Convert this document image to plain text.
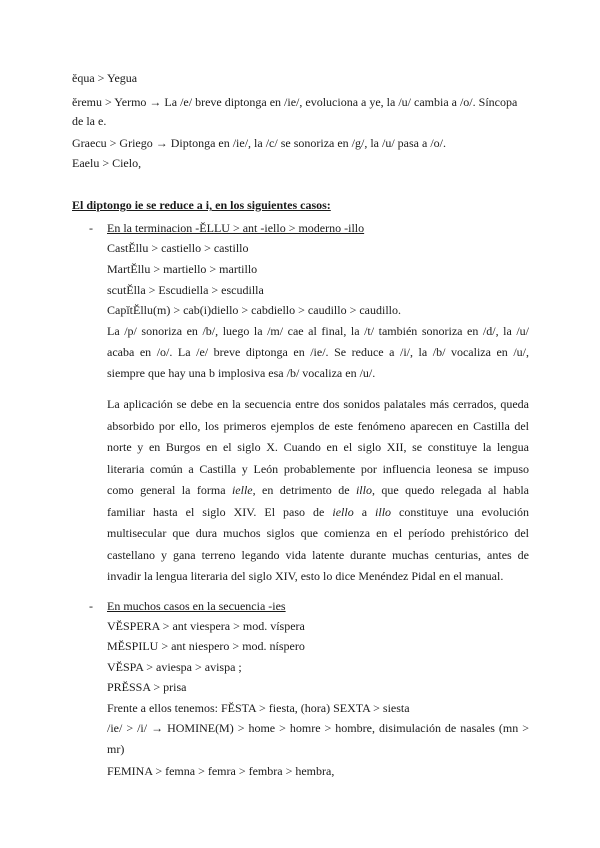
ĕqua > Yegua
ĕremu > Yermo → La /e/ breve diptonga en /ie/, evoluciona a ye, la /u/ cambia a /o/. Síncopa
de la e.
Graecu > Griego → Diptonga en /ie/, la /c/ se sonoriza en /g/, la /u/ pasa a /o/.
Eaelu > Cielo,
El diptongo ie se reduce a i, en los siguientes casos:
- En la terminacion -ĔLLU > ant -iello > moderno -illo
CastĔllu > castiello > castillo
MartĔllu > martiello > martillo
scutĔlla > Escudiella > escudilla
CapĭtĔllu(m) > cab(i)diello > cabdiello > caudillo > caudillo.
La /p/ sonoriza en /b/, luego la /m/ cae al final, la /t/ también sonoriza en /d/, la /u/
acaba en /o/. La /e/ breve diptonga en /ie/. Se reduce a /i/, la /b/ vocaliza en /u/,
siempre que hay una b implosiva esa /b/ vocaliza en /u/.
La aplicación se debe en la secuencia entre dos sonidos palatales más cerrados, queda
absorbido por ello, los primeros ejemplos de este fenómeno aparecen en Castilla del
norte y en Burgos en el siglo X. Cuando en el siglo XII, se constituye la lengua
literaria común a Castilla y León probablemente por influencia leonesa se impuso
como general la forma ielle, en detrimento de illo, que quedo relegada al habla
familiar hasta el siglo XIV. El paso de iello a illo constituye una evolución
multisecular que dura muchos siglos que comienza en el período prehistórico del
castellano y gana terreno legando vida latente durante muchas centurias, antes de
invadir la lengua literaria del siglo XIV, esto lo dice Menéndez Pidal en el manual.
- En muchos casos en la secuencia -ies
VĔSPERA > ant viespera > mod. víspera
MĔSPILU > ant niespero > mod. níspero
VĔSPA > aviespa > avispa ;
PRĔSSA > prisa
Frente a ellos tenemos: FĔSTA > fiesta, (hora) SEXTA > siesta
/ie/ > /i/ → HOMINE(M) > home > homre > hombre, disimulación de nasales (mn >
mr)
FEMINA > femna > femra > fembra > hembra,
